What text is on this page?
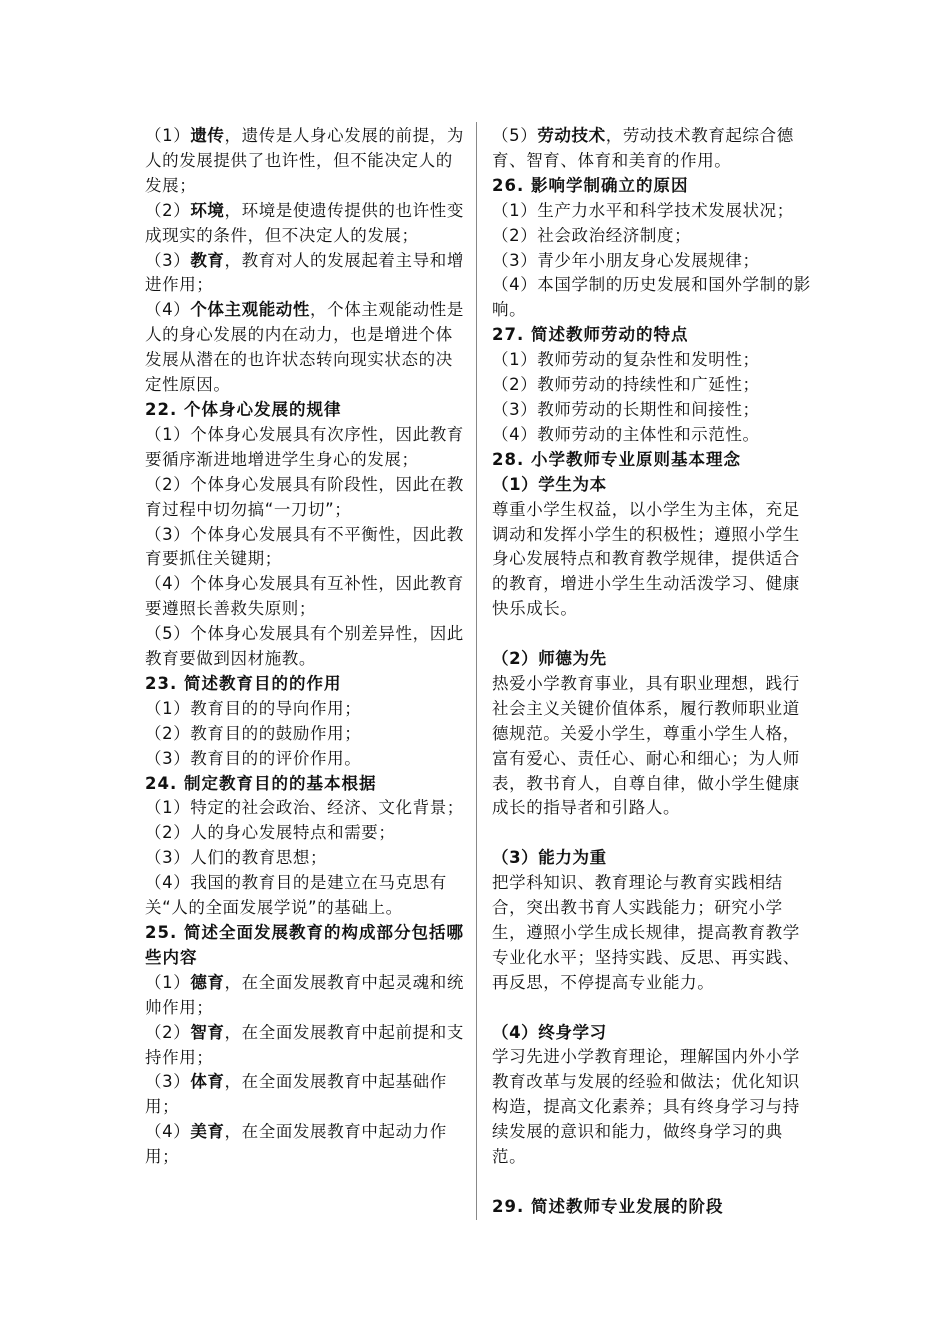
（1）遗传，遗传是人身心发展的前提，为人的发展提供了也许性，但不能决定人的发展；
（2）环境，环境是使遗传提供的也许性变成现实的条件，但不决定人的发展；
（3）教育，教育对人的发展起着主导和增进作用；
（4）个体主观能动性，个体主观能动性是人的身心发展的内在动力，也是增进个体发展从潜在的也许状态转向现实状态的决定性原因。
22. 个体身心发展的规律
（1）个体身心发展具有次序性，因此教育要循序渐进地增进学生身心的发展；
（2）个体身心发展具有阶段性，因此在教育过程中切勿搞“一刀切”；
（3）个体身心发展具有不平衡性，因此教育要抓住关键期；
（4）个体身心发展具有互补性，因此教育要遵照长善救失原则；
（5）个体身心发展具有个别差异性，因此教育要做到因材施教。
23. 简述教育目的的作用
（1）教育目的的导向作用；
（2）教育目的的鼓励作用；
（3）教育目的的评价作用。
24. 制定教育目的的基本根据
（1）特定的社会政治、经济、文化背景；
（2）人的身心发展特点和需要；
（3）人们的教育思想；
（4）我国的教育目的是建立在马克思有关“人的全面发展学说”的基础上。
25. 简述全面发展教育的构成部分包括哪些内容
（1）德育，在全面发展教育中起灵魂和统帅作用；
（2）智育，在全面发展教育中起前提和支持作用；
（3）体育，在全面发展教育中起基础作用；
（4）美育，在全面发展教育中起动力作用；
（5）劳动技术，劳动技术教育起综合德育、智育、体育和美育的作用。
26. 影响学制确立的原因
（1）生产力水平和科学技术发展状况；
（2）社会政治经济制度；
（3）青少年小朋友身心发展规律；
（4）本国学制的历史发展和国外学制的影响。
27. 简述教师劳动的特点
（1）教师劳动的复杂性和发明性；
（2）教师劳动的持续性和广延性；
（3）教师劳动的长期性和间接性；
（4）教师劳动的主体性和示范性。
28. 小学教师专业原则基本理念
（1）学生为本
尊重小学生权益，以小学生为主体，充足调动和发挥小学生的积极性；遵照小学生身心发展特点和教育教学规律，提供适合的教育，增进小学生生动活泼学习、健康快乐成长。
（2）师德为先
热爱小学教育事业，具有职业理想，践行社会主义关键价值体系，履行教师职业道德规范。关爱小学生，尊重小学生人格，富有爱心、责任心、耐心和细心；为人师表，教书育人，自尊自律，做小学生健康成长的指导者和引路人。
（3）能力为重
把学科知识、教育理论与教育实践相结合，突出教书育人实践能力；研究小学生，遵照小学生成长规律，提高教育教学专业化水平；坚持实践、反思、再实践、再反思，不停提高专业能力。
（4）终身学习
学习先进小学教育理论，理解国内外小学教育改革与发展的经验和做法；优化知识构造，提高文化素养；具有终身学习与持续发展的意识和能力，做终身学习的典范。
29. 简述教师专业发展的阶段
